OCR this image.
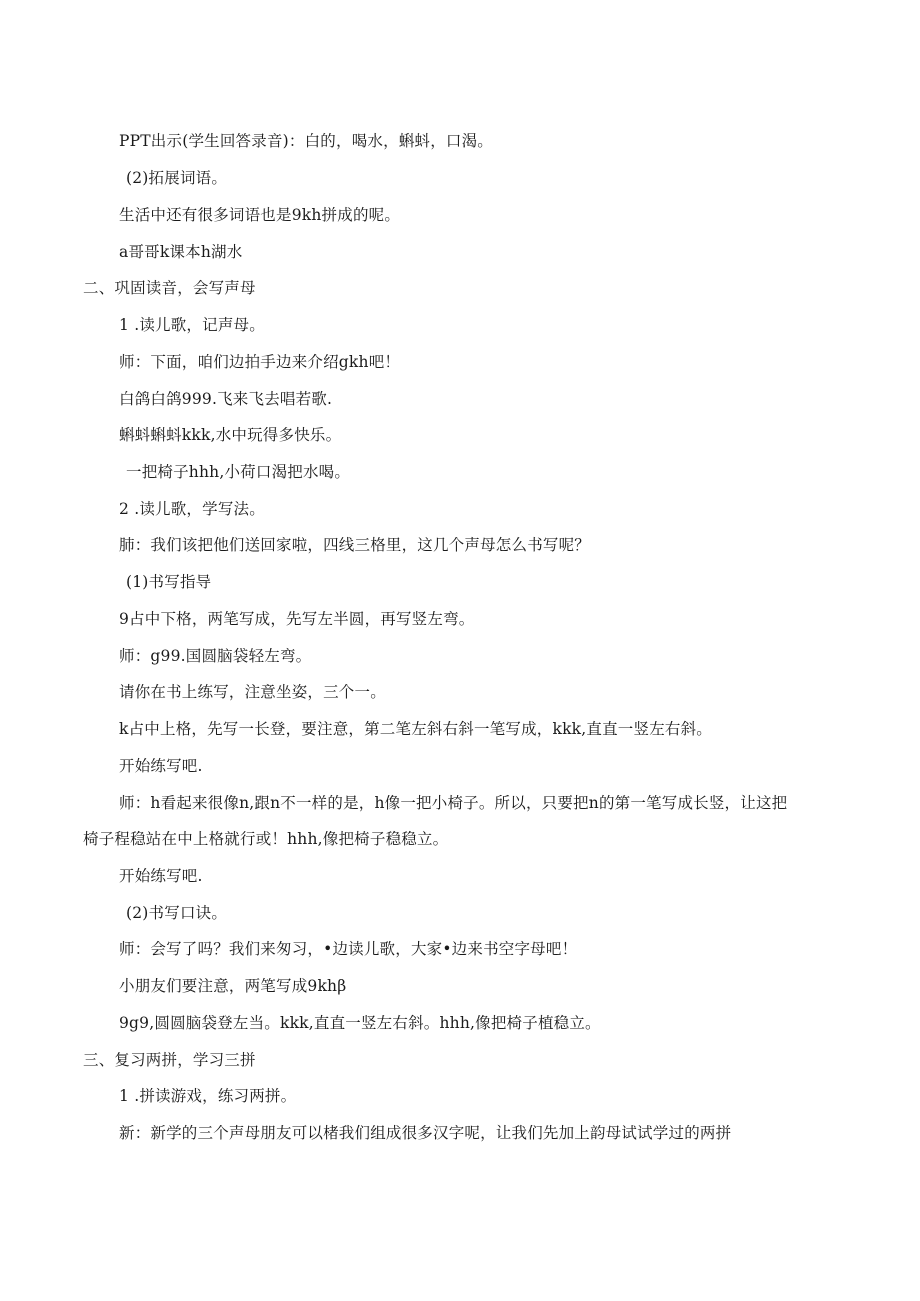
PPT出示(学生回答录音)：白的，喝水，蝌蚪，口渴。
(2)拓展词语。
生活中还有很多词语也是9kh拼成的呢。
a哥哥k课本h湖水
二、巩固读音，会写声母
1 .读儿歌，记声母。
师：下面，咱们边拍手边来介绍gkh吧！
白鸽白鸽999.飞来飞去唱若歌.
蝌蚪蝌蚪kkk,水中玩得多快乐。
一把椅子hhh,小荷口渴把水喝。
2 .读儿歌，学写法。
肺：我们该把他们送回家啦，四线三格里，这几个声母怎么书写呢？
(1)书写指导
9占中下格，两笔写成，先写左半圆，再写竖左弯。
师：g99.国圆脑袋轻左弯。
请你在书上练写，注意坐姿，三个一。
k占中上格，先写一长登，要注意，第二笔左斜右斜一笔写成，kkk,直直一竖左右斜。
开始练写吧.
师：h看起来很像n,跟n不一样的是，h像一把小椅子。所以，只要把n的第一笔写成长竖，让这把
椅子程稳站在中上格就行或！hhh,像把椅子稳稳立。
开始练写吧.
(2)书写口诀。
师：会写了吗？我们来匆习，•边读儿歌，大家•边来书空字母吧！
小朋友们要注意，两笔写成9khβ
9g9,圆圆脑袋登左当。kkk,直直一竖左右斜。hhh,像把椅子植稳立。
三、复习两拼，学习三拼
1 .拼读游戏，练习两拼。
新：新学的三个声母朋友可以楮我们组成很多汉字呢，让我们先加上韵母试试学过的两拼
